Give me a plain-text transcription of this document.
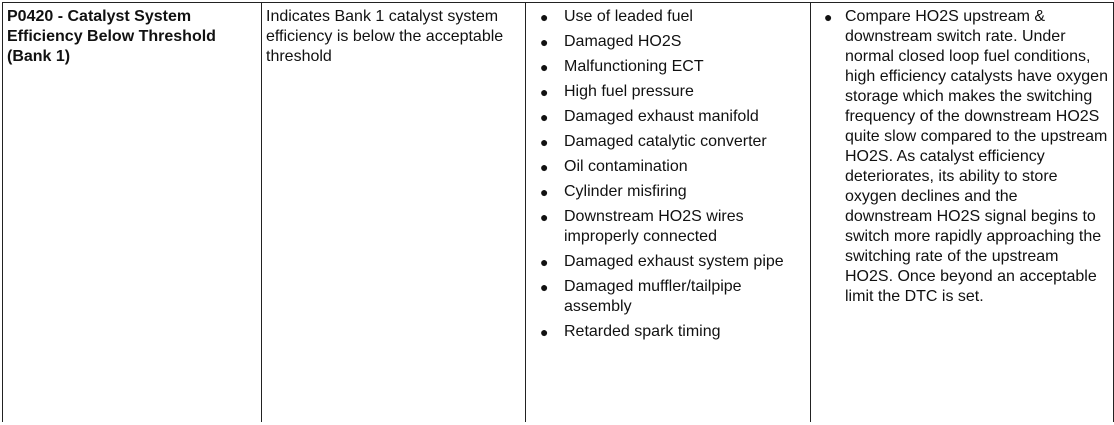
P0420 - Catalyst System Efficiency Below Threshold (Bank 1)

Indicates Bank 1 catalyst system efficiency is below the acceptable threshold

● Use of leaded fuel
● Damaged HO2S
● Malfunctioning ECT
● High fuel pressure
● Damaged exhaust manifold
● Damaged catalytic converter
● Oil contamination
● Cylinder misfiring
● Downstream HO2S wires improperly connected
● Damaged exhaust system pipe
● Damaged muffler/tailpipe assembly
● Retarded spark timing

● Compare HO2S upstream & downstream switch rate. Under normal closed loop fuel conditions, high efficiency catalysts have oxygen storage which makes the switching frequency of the downstream HO2S quite slow compared to the upstream HO2S. As catalyst efficiency deteriorates, its ability to store oxygen declines and the downstream HO2S signal begins to switch more rapidly approaching the switching rate of the upstream HO2S. Once beyond an acceptable limit the DTC is set.
